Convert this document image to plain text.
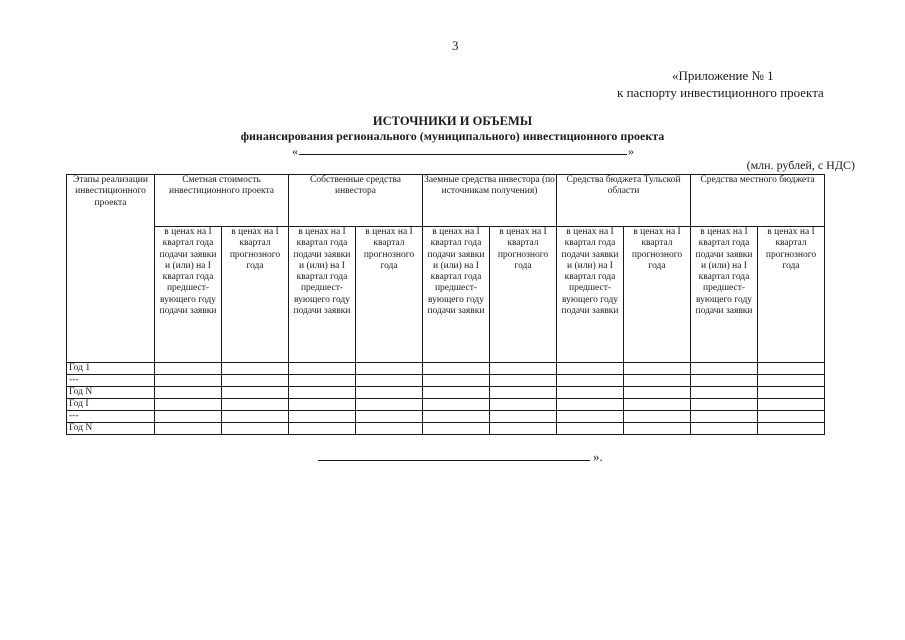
3
«Приложение № 1
к паспорту инвестиционного проекта
ИСТОЧНИКИ И ОБЪЕМЫ
финансирования регионального (муниципального) инвестиционного проекта
«	»
(млн. рублей, с НДС)
Этапы реализации инвестиционного проекта	Сметная стоимость инвестиционного проекта		Собственные средства инвестора		Заемные средства инвестора (по источникам получения)		Средства бюджета Тульской области		Средства местного бюджета	
	в ценах на I квартал года подачи заявки и (или) на I квартал года предшест-вующего году подачи заявки	в ценах на I квартал прогнозного года	в ценах на I квартал года подачи заявки и (или) на I квартал года предшест-вующего году подачи заявки	в ценах на I квартал прогнозного года	в ценах на I квартал года подачи заявки и (или) на I квартал года предшест-вующего году подачи заявки	в ценах на I квартал прогнозного года	в ценах на I квартал года подачи заявки и (или) на I квартал года предшест-вующего году подачи заявки	в ценах на I квартал прогнозного года	в ценах на I квартал года подачи заявки и (или) на I квартал года предшест-вующего году подачи заявки	в ценах на I квартал прогнозного года
Год 1										
---										
Год N										
Год I										
---										
Год N										
».
